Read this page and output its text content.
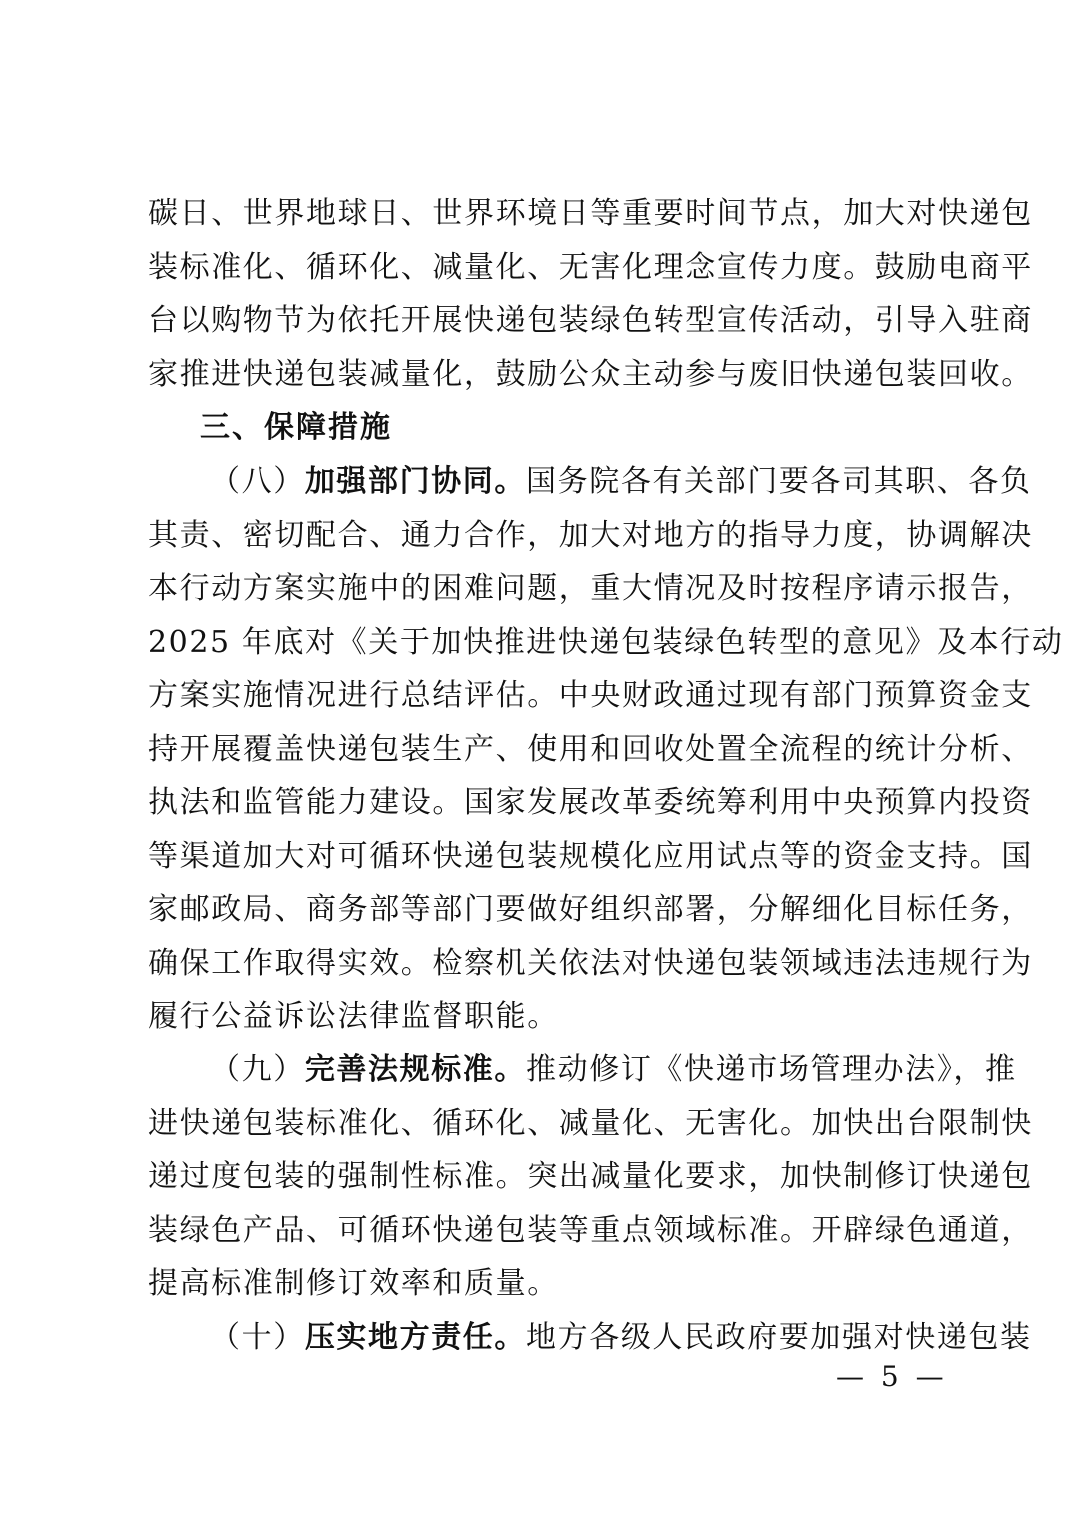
碳日、世界地球日、世界环境日等重要时间节点，加大对快递包
装标准化、循环化、减量化、无害化理念宣传力度。鼓励电商平
台以购物节为依托开展快递包装绿色转型宣传活动，引导入驻商
家推进快递包装减量化，鼓励公众主动参与废旧快递包装回收。
三、保障措施
（八）加强部门协同。国务院各有关部门要各司其职、各负
其责、密切配合、通力合作，加大对地方的指导力度，协调解决
本行动方案实施中的困难问题，重大情况及时按程序请示报告，
2025 年底对《关于加快推进快递包装绿色转型的意见》及本行动
方案实施情况进行总结评估。中央财政通过现有部门预算资金支
持开展覆盖快递包装生产、使用和回收处置全流程的统计分析、
执法和监管能力建设。国家发展改革委统筹利用中央预算内投资
等渠道加大对可循环快递包装规模化应用试点等的资金支持。国
家邮政局、商务部等部门要做好组织部署，分解细化目标任务，
确保工作取得实效。检察机关依法对快递包装领域违法违规行为
履行公益诉讼法律监督职能。
（九）完善法规标准。推动修订《快递市场管理办法》，推
进快递包装标准化、循环化、减量化、无害化。加快出台限制快
递过度包装的强制性标准。突出减量化要求，加快制修订快递包
装绿色产品、可循环快递包装等重点领域标准。开辟绿色通道，
提高标准制修订效率和质量。
（十）压实地方责任。地方各级人民政府要加强对快递包装
— 5 —
